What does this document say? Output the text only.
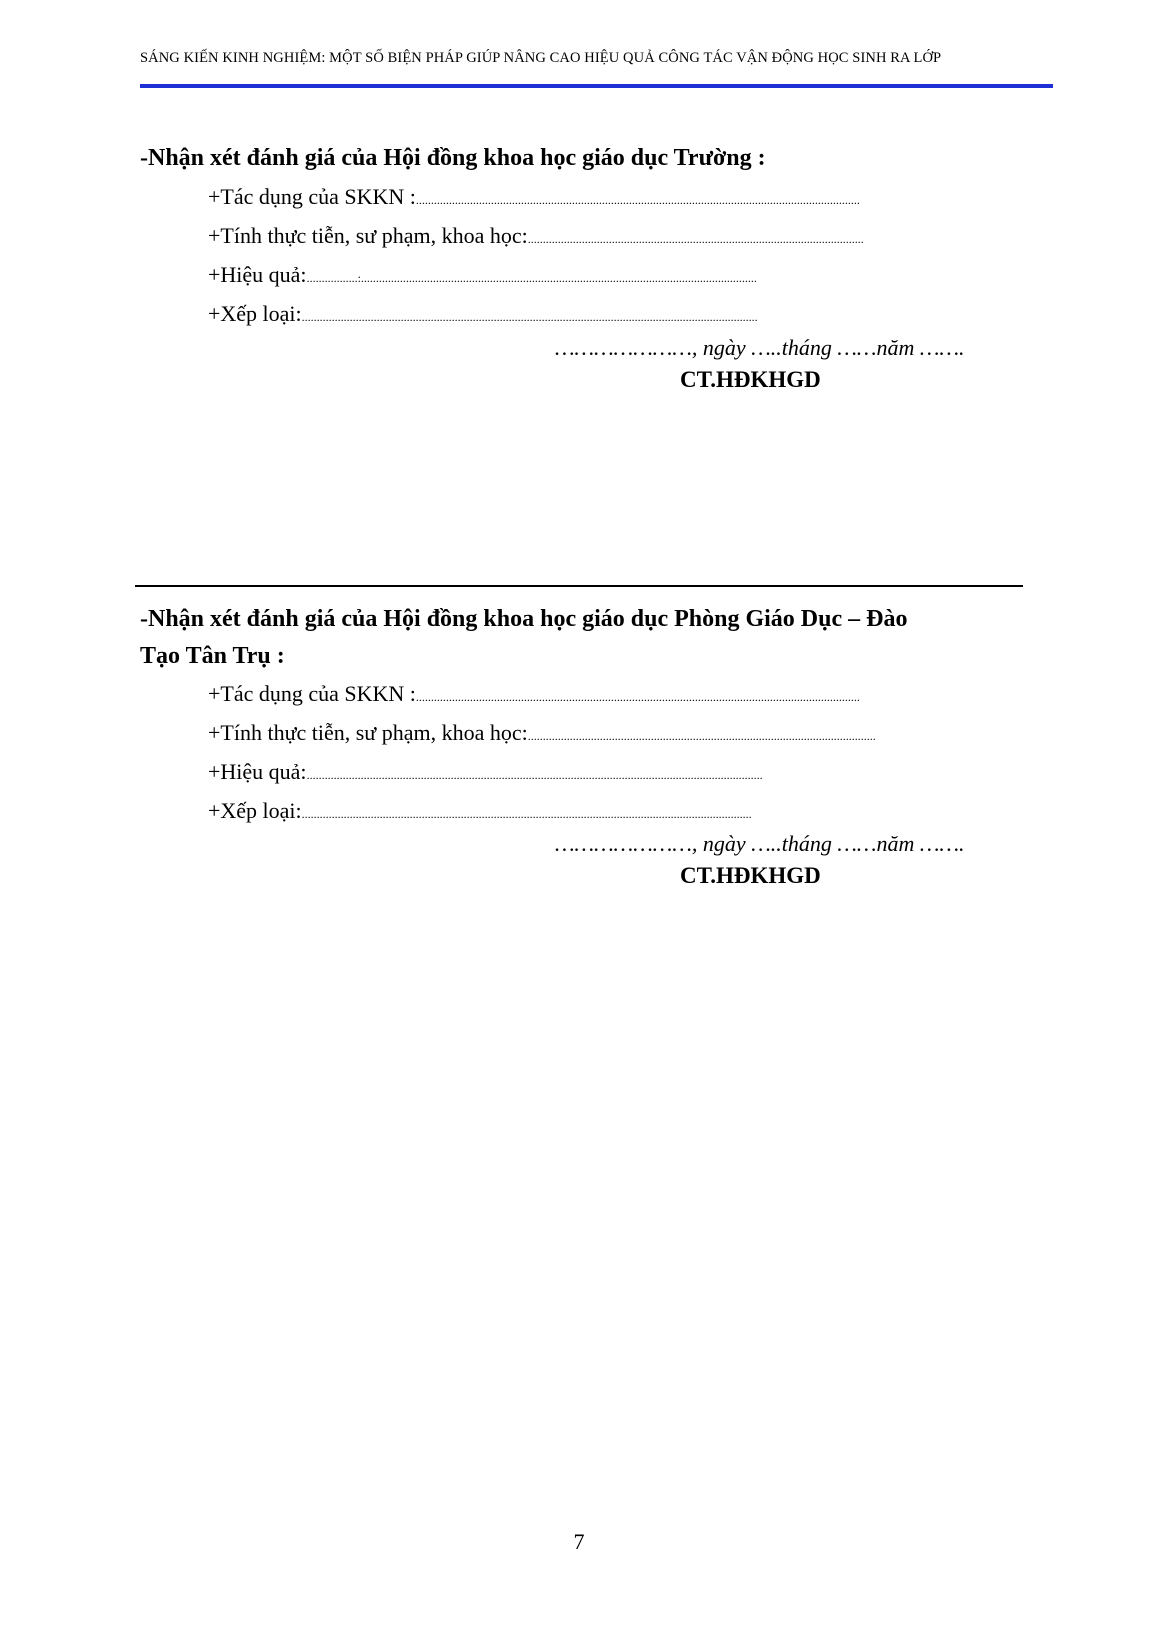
SÁNG KIẾN KINH NGHIỆM: MỘT SỐ BIỆN PHÁP GIÚP NÂNG CAO HIỆU QUẢ CÔNG TÁC VẬN ĐỘNG HỌC SINH RA LỚP
-Nhận xét đánh giá của Hội đồng khoa học giáo dục Trường :
+Tác dụng của SKKN :....................................................................................................................................................
+Tính thực tiễn, sư phạm, khoa học:................................................................................................................
+Hiệu quả:.................:....................................................................................................................................
+Xếp loại:........................................................................................................................................................
…………………, ngày …..tháng ……năm …….
CT.HĐKHGD
-Nhận xét đánh giá của Hội đồng khoa học giáo dục Phòng Giáo Dục – Đào
Tạo Tân Trụ :
+Tác dụng của SKKN :....................................................................................................................................................
+Tính thực tiễn, sư phạm, khoa học:....................................................................................................................
+Hiệu quả:........................................................................................................................................................
+Xếp loại:......................................................................................................................................................
…………………, ngày …..tháng ……năm …….
CT.HĐKHGD
7
